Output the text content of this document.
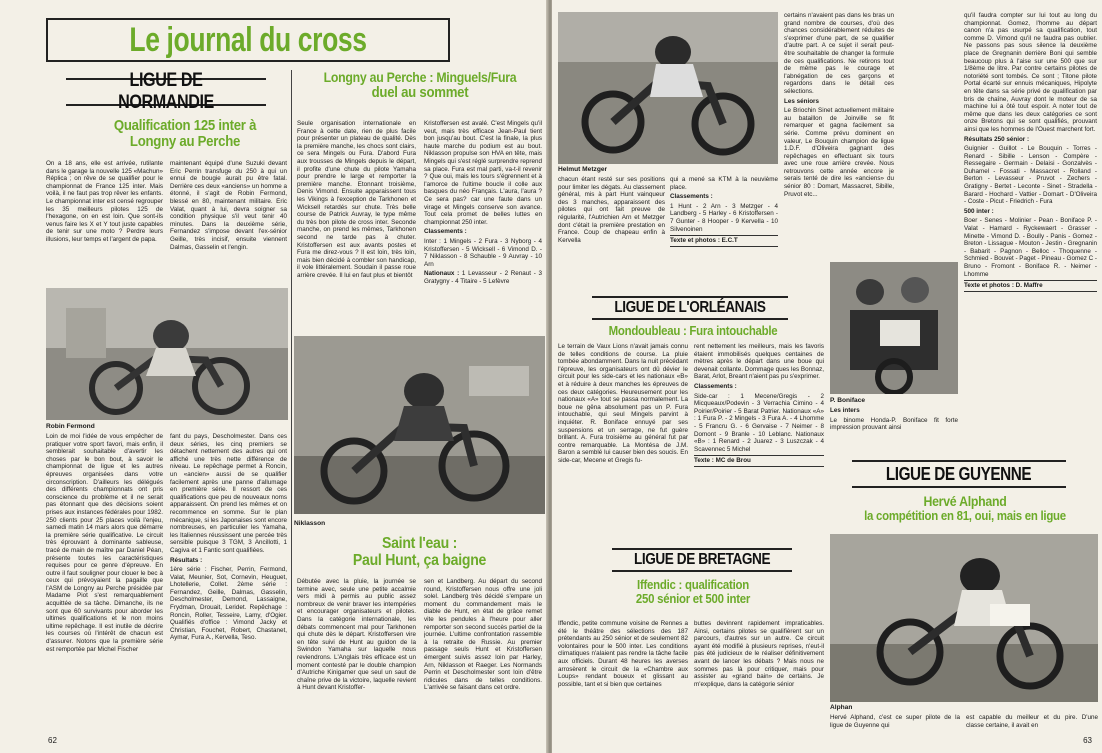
Le journal du cross
LIGUE DE NORMANDIE
Qualification 125 inter à
Longny au Perche
On a 18 ans, elle est arrivée, rutilante dans le garage la nouvelle 125 «Machun» Réplica ; on rêve de se qualifier pour le championnat de France 125 inter. Mais voilà, il ne faut pas trop rêver les enfants. Le championnat inter est censé regrouper les 35 meilleurs pilotes 125 de l'hexagone, on en est loin. Que sont-ils venus faire les X et Y tout juste capables de tenir sur une moto ? Perdre leurs illusions, leur temps et l'argent de papa.
maintenant équipé d'une Suzuki devant Eric Perrin transfuge du 250 à qui un ennui de bougie aurait pu être fatal. Derrière ces deux «anciens» un homme a étonné, il s'agit de Robin Fermond, blessé en 80, maintenant militaire. Eric Valat, quant à lui, devra soigner sa condition physique s'il veut tenir 40 minutes. Dans la deuxième série, Fernandez s'impose devant l'ex-sénior Geille, très incisif, ensuite viennent Dalmas, Gasselin et l'engin.
Longny au Perche : Minguels/Fura
duel au sommet
Seule organisation internationale en France à cette date, rien de plus facile pour présenter un plateau de qualité. Dès la première manche, les chocs sont clairs, ce sera Mingels ou Fura. D'abord Fura aux trousses de Mingels depuis le départ, il profite d'une chute du pilote Yamaha pour prendre le large et remporter la première manche. Etonnant troisième, Denis Vimond. Ensuite apparaissent tous les Vikings à l'exception de Tarkhonen et Wicksell retardés sur chute. Très belle course de Patrick Auvray, le type même du très bon pilote de cross inter. Seconde manche, on prend les mêmes, Tarkhonen second ne tarde pas à chuter. Kristoffersen est aux avants postes et Fura me direz-vous ? Il est loin, très loin, mais bien décidé à combler son handicap, il vole littéralement. Soudain il passe roue arrière crevée. Il lui en faut plus et bientôt

Kristoffersen est avalé. C'est Mingels qu'il veut, mais très efficace Jean-Paul tient bon jusqu'au bout. C'est la finale, la plus haute marche du podium est au bout. Niklasson propulse son HVA en tête, mais Mingels qui s'est réglé surprendre reprend sa place. Fura est mal parti, va-t-il revenir ? Que oui, mais les tours s'égrennent et à l'amorce de l'ultime boucle il colle aux basques du néo Français. L'aura, l'aura ? Ce sera pas? car une faute dans un virage et Mingels conserve son avance. Tout cela promet de belles luttes en championnat 250 inter.

Classements :

Inter : 1 Mingels - 2 Fura - 3 Nyborg - 4 Kristoffersen - 5 Wicksell - 6 Vimond D. - 7 Niklasson - 8 Schauble - 9 Auvray - 10 Arn

Nationaux : 1 Levasseur - 2 Renaut - 3 Gratygny - 4 Titaire - 5 Lefèvre

Robin Fermond
Loin de moi l'idée de vous empêcher de pratiquer votre sport favori, mais enfin, il semblerait souhaitable d'avertir les choses par le bon bout, à savoir le championnat de ligue et les autres épreuves organisées dans votre circonscription. D'ailleurs les délégués des différents championnats ont pris conscience du problème et il ne serait pas étonnant que des décisions soient prises aux instances fédérales pour 1982. 250 clients pour 25 places voilà l'enjeu, samedi matin 14 mars alors que démarre la première série qualificative. Le circuit très éprouvant à dominante sableuse, tracé de main de maître par Daniel Péan, présente toutes les caractéristiques requises pour ce genre d'épreuve. En outre il faut souligner pour clouer le bec à ceux qui prévoyaient la pagaille que l'ASM de Longny au Perche présidée par Madame Piot s'est remarquablement acquittée de sa tâche. Dimanche, ils ne sont que 60 survivants pour aborder les ultimes qualifications et le non moins ultime repêchage. Il est inutile de décrire les courses où l'intérêt de chacun est d'assurer. Notons que la première série est remportée par Michel Fischer

fant du pays, Descholmester. Dans ces deux séries, les cinq premiers se détachent nettement des autres qui ont affiché une très nette différence de niveau. Le repêchage permet à Roncin, un «ancien» aussi de se qualifier facilement après une panne d'allumage en première série. Il ressort de ces qualifications que peu de nouveaux noms apparaissent. On prend les mêmes et on recommence en somme. Sur le plan mécanique, si les Japonaises sont encore nombreuses, en particulier les Yamaha, les Italiennes réussissent une percée très sensible puisque 3 TGM, 3 Ancillotti, 1 Cagiva et 1 Fantic sont qualifiées.

Résultats :

1ère série : Fischer, Perrin, Fermond, Valat, Meunier, Sot, Cornevin, Heuguet, Lhotellerie, Collet. 2ème série : Fernandez, Geille, Dalmas, Gasselin, Descholmester, Demond, Lassaigne, Frydman, Drouait, Leridet. Repêchage : Roncin, Roller, Tesseire, Lamy, d'Ogier. Qualifiés d'office : Vimond Jacky et Christian, Fouchet, Robert, Chastanet, Aymar, Fura A., Kervella, Teso.

Niklasson
Saint l'eau :
Paul Hunt, ça baigne
Débutée avec la pluie, la journée se termine avec, seule une petite accalmie vers midi à permis au public assez nombreux de venir braver les intempéries et encourager organisateurs et pilotes. Dans la catégorie internationale, les débats commencent mal pour Tarkhonen qui chute dès le départ. Kristoffersen vire en tête suivi de Hunt au guidon de la Swindon Yamaha sur laquelle nous reviendrons. L'Anglais très efficace est un moment contesté par le double champion d'Autriche Kinigamer que seul un saut de chaîne prive de la victoire, laquelle revient à Hunt devant Kristoffer-
sen et Landberg. Au départ du second round, Kristoffersen nous offre une joli solel. Landberg très décidé s'empare un moment du commandement mais le diable de Hunt, en état de grâce remet vite les pendules à l'heure pour aller remporter son second succès partiel de la journée. L'ultime confrontation rassemble à la retraite de Russie. Au premier passage seuls Hunt et Kristoffersen émergent suivis assez loin par Harley, Arn, Niklasson et Raeger. Les Normands Perrin et Descholmester sont loin d'être ridicules dans de telles conditions. L'arrivée se faisant dans cet ordre.
62
Helmut Metzger
chacun étant resté sur ses positions pour limiter les dégats. Au classement général, mis à part Hunt vainqueur des 3 manches, apparaissent des pilotes qui ont fait preuve de régularité, l'Autrichien Arn et Metzger dont c'était la première prestation en France. Coup de chapeau enfin à Kervella

qui a mené sa KTM à la neuvième place.

Classements :

1 Hunt - 2 Arn - 3 Metzger - 4 Landberg - 5 Harley - 6 Kristoffersen - 7 Gunter - 8 Hooper - 9 Kervella - 10 Silvenoinen

Texte et photos : E.C.T

certains n'avaient pas dans les bras un grand nombre de courses, d'où des chances considérablement réduites de s'exprimer d'une part, de se qualifier d'autre part. A ce sujet il serait peut-être souhaitable de changer la formule de ces qualifications. Ne retirons tout de même pas le courage et l'abnégation de ces garçons et regardons dans le détail ces sélections.

Les séniors

Le Briochin Sinet actuellement militaire au bataillon de Joinville se fit remarquer et gagna facilement sa série. Comme prévu dominent en valeur, Le Bouquin champion de ligue 1.D.F. d'Oliveira gagnant des repêchages en effectuant six tours avec une roue arrière crevée. Nous retrouvons cette année encore je serais tenté de dire les «anciens» du sénior 80 : Domart, Massacret, Sibille, Pruvot etc...

qu'il faudra compter sur lui tout au long du championnat. Gomez, l'homme au départ canon n'a pas usurpé sa qualification, tout comme D. Vimond qu'il ne faudra pas oublier. Ne passons pas sous silence la deuxième place de Gregnanin derrière Boni qui semble beaucoup plus à l'aise sur une 500 que sur 1/8ème de litre. Par contre certains pilotes de notoriété sont tombés. Ce sont ; Titone pilote Portal écarté sur ennuis mécaniques, Hipolyte en tête dans sa série privé de qualification par bris de chaîne, Auvray dont le moteur de sa machine lui a ôté tout espoir. A noter tout de même que dans les deux catégories ce sont onze Bretons qui se sont qualifiés, prouvant ainsi que les hommes de l'Ouest marchent fort.

Résultats 250 sénior :

Guignier - Guillot - Le Bouquin - Torres - Renard - Sibille - Lenson - Compère - Ressegaire - Germain - Delaisi - Gonzalvès - Duhamel - Fossati - Massacret - Rolland - Berton - Levasseur - Pruvot - Zechers - Gratigny - Bertet - Leconte - Sinet - Stradella - Barard - Hochard - Vattier - Domart - D'Oliveira - Coste - Picut - Friedrich - Fura

500 inter :

Boer - Senes - Molinier - Pean - Boniface P. - Valat - Hamard - Ryckewaert - Grasser - Minette - Vimond D. - Boully - Panis - Gomez - Breton - Lissague - Mouton - Jestin - Gregnanin - Babarit - Pagnon - Belloc - Thoquenne - Schmied - Bouvet - Paget - Pineau - Gomez C - Bruno - Fromont - Boniface R. - Neimer - Lhomme

Texte et photos : D. Maffre

P. Boniface

Les inters

Le binome Honda-P. Boniface fit forte impression prouvant ainsi

LIGUE DE L'ORLÉANAIS
Mondoubleau : Fura intouchable
Le terrain de Vaux Lions n'avait jamais connu de telles conditions de course. La pluie tombée abondamment. Dans la nuit précédant l'épreuve, les organisateurs ont dû dévier le circuit pour les side-cars et les nationaux «B» et à réduire à deux manches les épreuves de ces deux catégories. Heureusement pour les nationaux «A» tout se passa normalement. La boue ne gêna absolument pas un P. Fura intouchable, qui seul Mingels parvint à inquiéter. R. Boniface ennuyé par ses suspensions et un serrage, ne fut guère brillant. A. Fura troisième au général fut par contre remarquable. La Montésa de J.M. Baron a semblé lui causer bien des soucis. En side-car, Mecene et Gregis fu-

rent nettement les meilleurs, mais les favoris étaient immobilisés quelques centaines de mètres après le départ dans une boue qui devenait collante. Dommage ques les Bonnaz, Barat, Arlot, Breant n'aient pas pu s'exprimer.

Classements :

Side-car : 1 Mecene/Gregis - 2 Micqueaux/Podevin - 3 Verrachia Cimino - 4 Poirier/Poirier - 5 Barat Patrier. Nationaux «A» : 1 Fura P. - 2 Mingels - 3 Fura A. - 4 Lhomme - 5 Francru G. - 6 Gervaise - 7 Neimer - 8 Domont - 9 Branle - 10 Leblanc. Nationaux «B» : 1 Renard - 2 Juarez - 3 Luszczak - 4 Scavennec 5 Michel

Texte : MC de Brou

LIGUE DE BRETAGNE
Iffendic : qualification
250 sénior et 500 inter
Iffendic, petite commune voisine de Rennes a été le théâtre des sélections des 187 prétendants au 250 sénior et de seulement 82 volontaires pour le 500 inter. Les conditions climatiques n'alaient pas rendre la tâche facile aux officiels. Durant 48 heures les averses arrosèrent le circuit de la «Chambre aux Loups» rendant boueux et glissant au possible, tant et si bien que certaines
buttes devinrent rapidement impraticables. Ainsi, certains pilotes se qualifièrent sur un parcours, d'autres sur un autre. Ce circuit ayant été modifié à plusieurs reprises, n'eut-il pas été judicieux de le réaliser définitivement avant de lancer les débats ? Mais nous ne sommes pas là pour critiquer, mais pour assister au «grand bain» de certains. Je m'explique, dans la catégorie sénior
LIGUE DE GUYENNE
Hervé Alphand
la compétition en 81, oui, mais en ligue
Alphan
Hervé Alphand, c'est ce super pilote de la ligue de Guyenne qui
est capable du meilleur et du pire. D'une classe certaine, il avait en
63
